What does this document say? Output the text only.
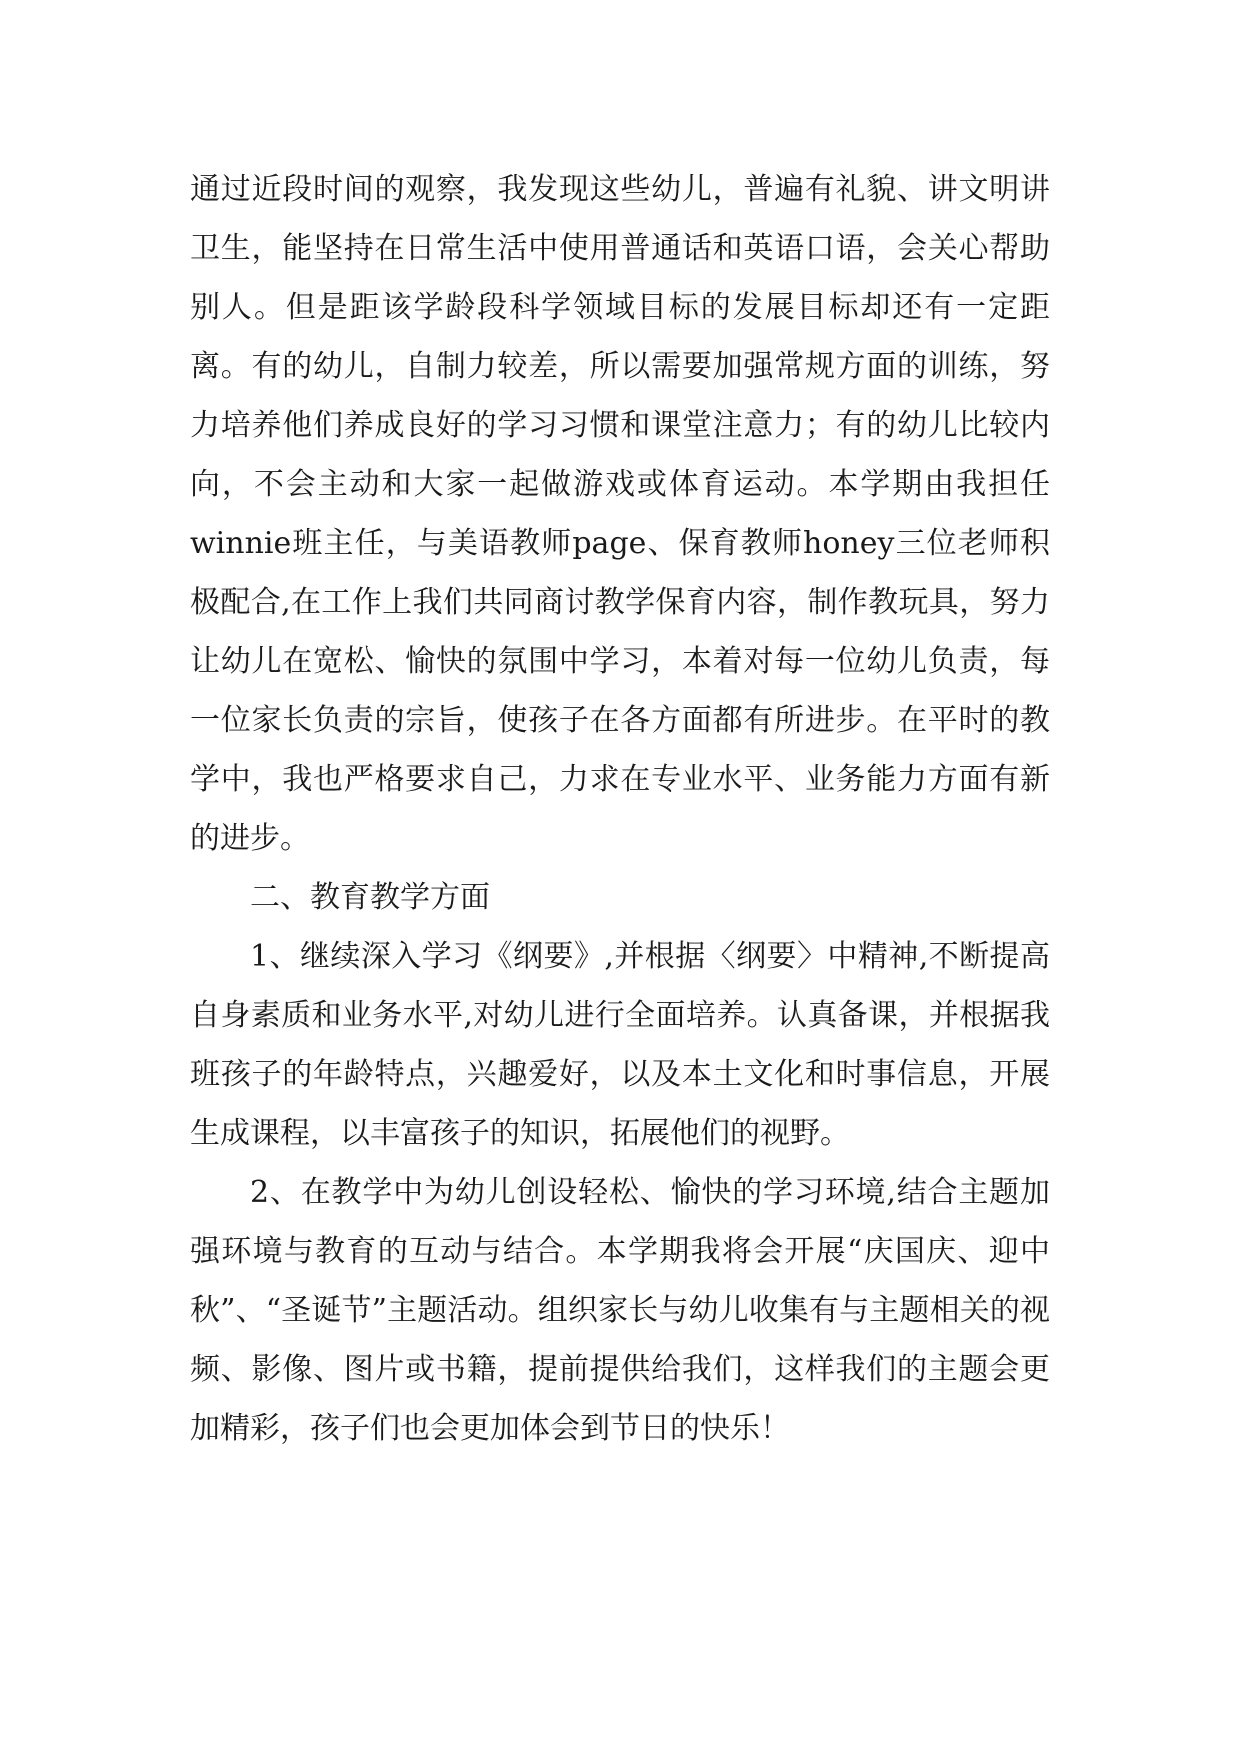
通过近段时间的观察，我发现这些幼儿，普遍有礼貌、讲文明讲卫生，能坚持在日常生活中使用普通话和英语口语，会关心帮助别人。但是距该学龄段科学领域目标的发展目标却还有一定距离。有的幼儿，自制力较差，所以需要加强常规方面的训练，努力培养他们养成良好的学习习惯和课堂注意力；有的幼儿比较内向，不会主动和大家一起做游戏或体育运动。本学期由我担任winnie班主任，与美语教师page、保育教师honey三位老师积极配合,在工作上我们共同商讨教学保育内容，制作教玩具，努力让幼儿在宽松、愉快的氛围中学习，本着对每一位幼儿负责，每一位家长负责的宗旨，使孩子在各方面都有所进步。在平时的教学中，我也严格要求自己，力求在专业水平、业务能力方面有新的进步。

二、教育教学方面

1、继续深入学习《纲要》,并根据〈纲要〉中精神,不断提高自身素质和业务水平,对幼儿进行全面培养。认真备课，并根据我班孩子的年龄特点，兴趣爱好，以及本土文化和时事信息，开展生成课程，以丰富孩子的知识，拓展他们的视野。

2、在教学中为幼儿创设轻松、愉快的学习环境,结合主题加强环境与教育的互动与结合。本学期我将会开展“庆国庆、迎中秋”、“圣诞节”主题活动。组织家长与幼儿收集有与主题相关的视频、影像、图片或书籍，提前提供给我们，这样我们的主题会更加精彩，孩子们也会更加体会到节日的快乐！
